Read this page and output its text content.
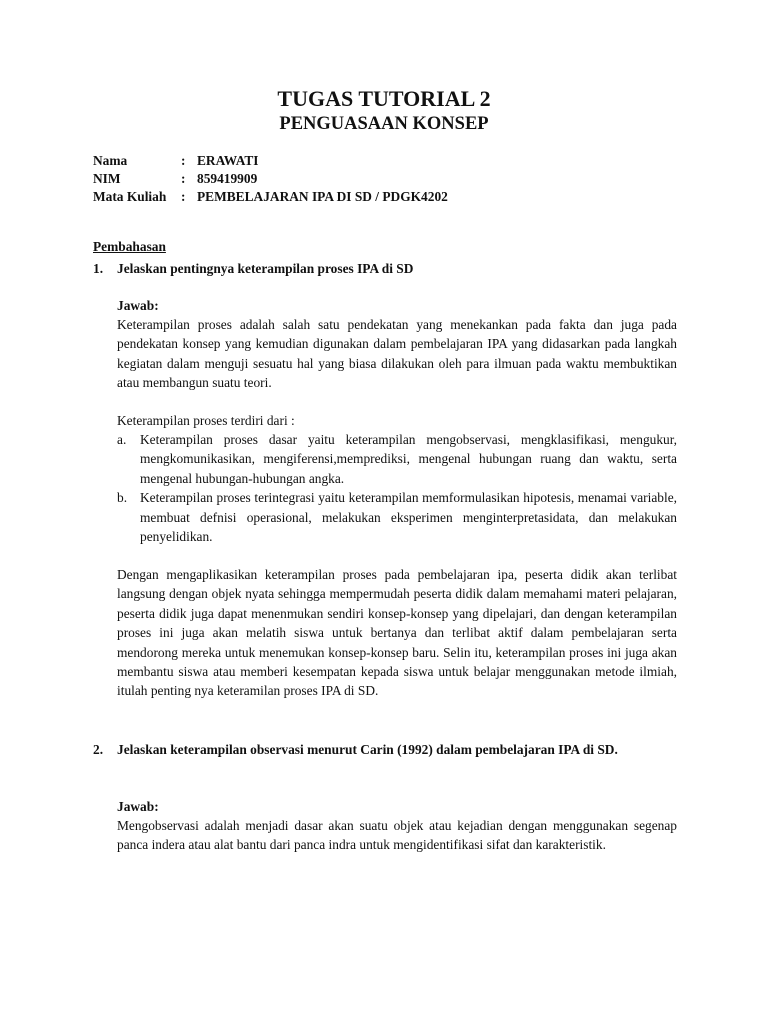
TUGAS TUTORIAL 2
PENGUASAAN KONSEP
Nama	: ERAWATI
NIM	: 859419909
Mata Kuliah : PEMBELAJARAN IPA DI SD / PDGK4202
Pembahasan
1. Jelaskan pentingnya keterampilan proses IPA di SD
Jawab:

Keterampilan proses adalah salah satu pendekatan yang menekankan pada fakta dan juga pada pendekatan konsep yang kemudian digunakan dalam pembelajaran IPA yang didasarkan pada langkah kegiatan dalam menguji sesuatu hal yang biasa dilakukan oleh para ilmuan pada waktu membuktikan atau membangun suatu teori.

Keterampilan proses terdiri dari :
a. Keterampilan proses dasar yaitu keterampilan mengobservasi, mengklasifikasi, mengukur, mengkomunikasikan, mengiferensi,memprediksi, mengenal hubungan ruang dan waktu, serta mengenal hubungan-hubungan angka.
b. Keterampilan proses terintegrasi yaitu keterampilan memformulasikan hipotesis, menamai variable, membuat defnisi operasional, melakukan eksperimen menginterpretasidata, dan melakukan penyelidikan.

Dengan mengaplikasikan keterampilan proses pada pembelajaran ipa, peserta didik akan terlibat langsung dengan objek nyata sehingga mempermudah peserta didik dalam memahami materi pelajaran, peserta didik juga dapat menenmukan sendiri konsep-konsep yang dipelajari, dan dengan keterampilan proses ini juga akan melatih siswa untuk bertanya dan terlibat aktif dalam pembelajaran serta mendorong mereka untuk menemukan konsep-konsep baru. Selin itu, keterampilan proses ini juga akan membantu siswa atau memberi kesempatan kepada siswa untuk belajar menggunakan metode ilmiah, itulah penting nya keteramilan proses IPA di SD.

2. Jelaskan keterampilan observasi menurut Carin (1992) dalam pembelajaran IPA di SD.
Jawab:

Mengobservasi adalah menjadi dasar akan suatu objek atau kejadian dengan menggunakan segenap panca indera atau alat bantu dari panca indra untuk mengidentifikasi sifat dan karakteristik.
